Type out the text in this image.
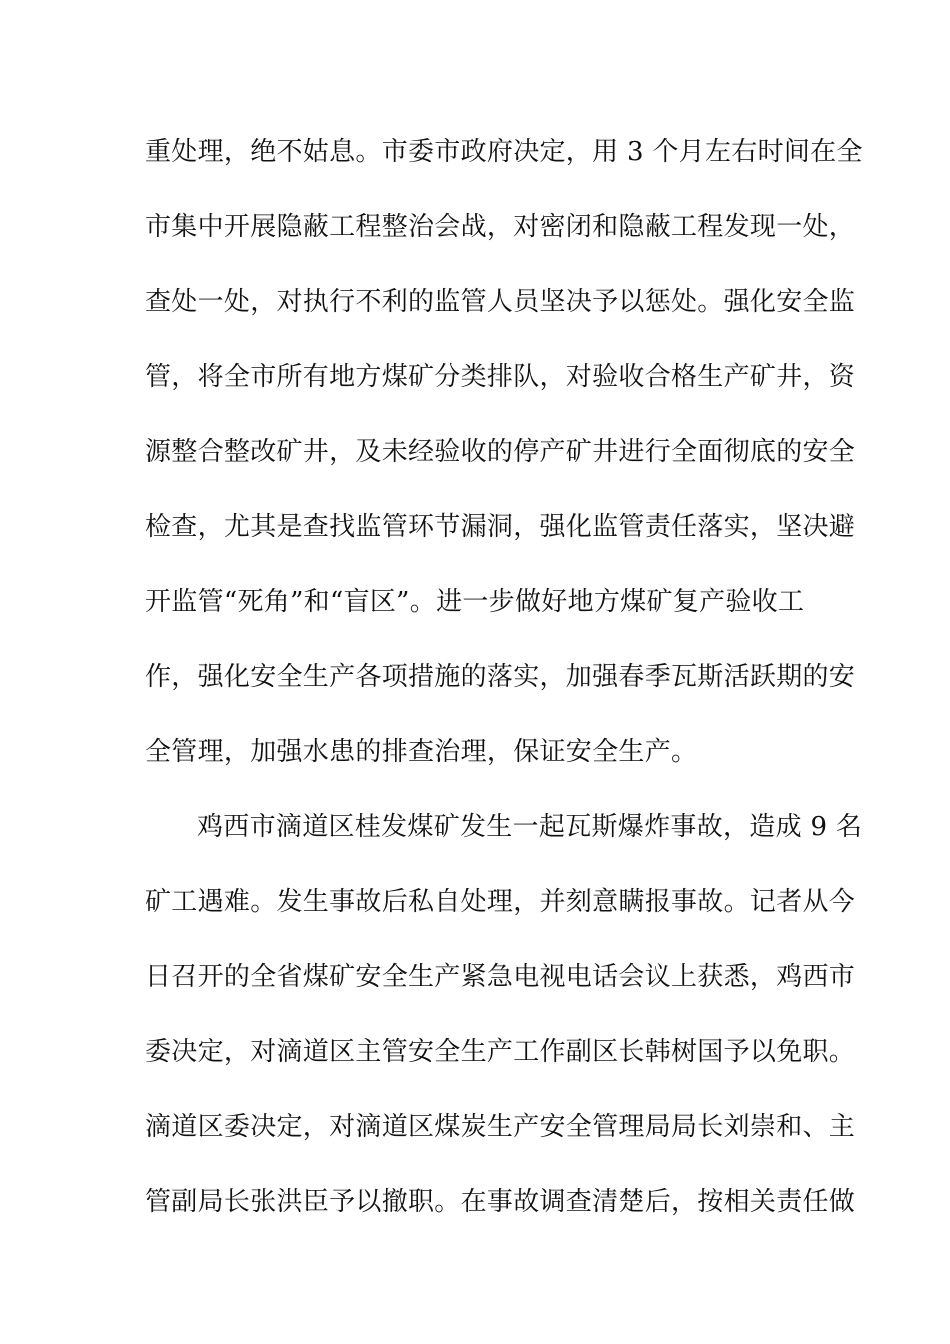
重处理，绝不姑息。市委市政府决定，用 3 个月左右时间在全
市集中开展隐蔽工程整治会战，对密闭和隐蔽工程发现一处，
查处一处，对执行不利的监管人员坚决予以惩处。强化安全监
管，将全市所有地方煤矿分类排队，对验收合格生产矿井，资
源整合整改矿井，及未经验收的停产矿井进行全面彻底的安全
检查，尤其是查找监管环节漏洞，强化监管责任落实，坚决避
开监管“死角”和“盲区”。进一步做好地方煤矿复产验收工
作，强化安全生产各项措施的落实，加强春季瓦斯活跃期的安
全管理，加强水患的排查治理，保证安全生产。
鸡西市滴道区桂发煤矿发生一起瓦斯爆炸事故，造成 9 名
矿工遇难。发生事故后私自处理，并刻意瞒报事故。记者从今
日召开的全省煤矿安全生产紧急电视电话会议上获悉，鸡西市
委决定，对滴道区主管安全生产工作副区长韩树国予以免职。
滴道区委决定，对滴道区煤炭生产安全管理局局长刘崇和、主
管副局长张洪臣予以撤职。在事故调查清楚后，按相关责任做
